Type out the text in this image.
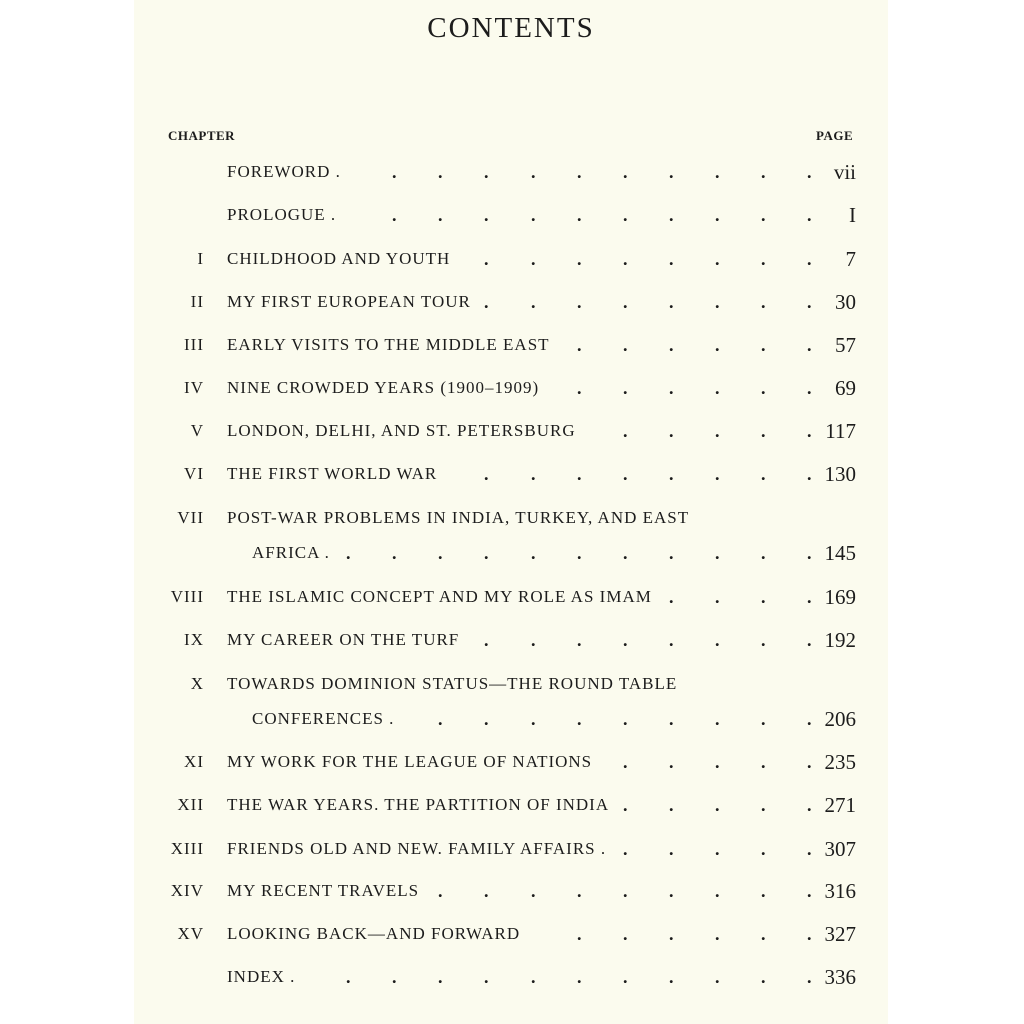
CONTENTS
CHAPTER	PAGE
FOREWORD .	vii
. . . . . . . . . .
PROLOGUE .	I
. . . . . . . . . .
I CHILDHOOD AND YOUTH	7
. . . . . . . .
II MY FIRST EUROPEAN TOUR	30
. . . . . . . .
III EARLY VISITS TO THE MIDDLE EAST	57
. . . . . .
IV NINE CROWDED YEARS (1900–1909)	69
. . . . . .
V LONDON, DELHI, AND ST. PETERSBURG	117
. . . . .
VI THE FIRST WORLD WAR	130
. . . . . . . .
VII POST-WAR PROBLEMS IN INDIA, TURKEY, AND EAST
AFRICA .	145
. . . . . . . . . . .
VIII THE ISLAMIC CONCEPT AND MY ROLE AS IMAM	169
. . . .
IX MY CAREER ON THE TURF	192
. . . . . . . .
X TOWARDS DOMINION STATUS—THE ROUND TABLE
CONFERENCES .	206
. . . . . . . . .
XI MY WORK FOR THE LEAGUE OF NATIONS	235
. . . . .
XII THE WAR YEARS. THE PARTITION OF INDIA	271
. . . . .
XIII FRIENDS OLD AND NEW. FAMILY AFFAIRS .	307
. . . . .
XIV MY RECENT TRAVELS	316
. . . . . . . . .
XV LOOKING BACK—AND FORWARD	327
. . . . . .
INDEX .	336
. . . . . . . . . . .
